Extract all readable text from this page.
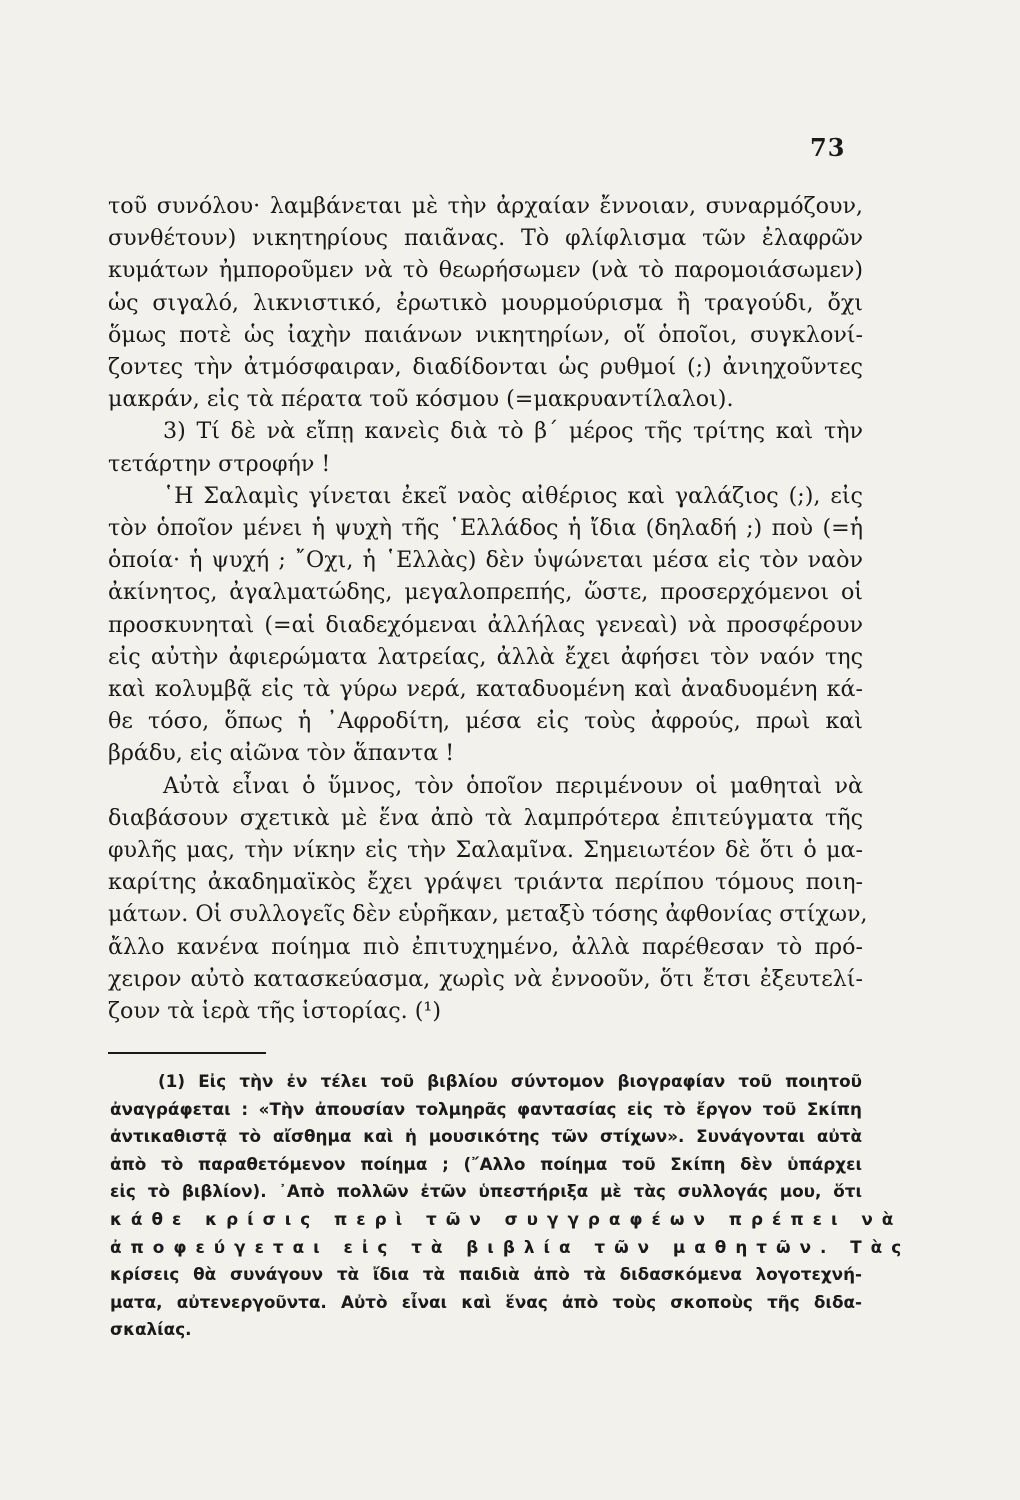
73
τοῦ συνόλου· λαμβάνεται μὲ τὴν ἀρχαίαν ἔννοιαν, συναρμόζουν,
συνθέτουν) νικητηρίους παιᾶνας. Τὸ φλίφλισμα τῶν ἐλαφρῶν
κυμάτων ἠμποροῦμεν νὰ τὸ θεωρήσωμεν (νὰ τὸ παρομοιάσωμεν)
ὡς σιγαλό, λικνιστικό, ἐρωτικὸ μουρμούρισμα ἢ τραγούδι, ὄχι
ὅμως ποτὲ ὡς ἰαχὴν παιάνων νικητηρίων, οἵ ὁποῖοι, συγκλονί-
ζοντες τὴν ἀτμόσφαιραν, διαδίδονται ὡς ρυθμοί (;) ἀνιηχοῦντες
μακράν, εἰς τὰ πέρατα τοῦ κόσμου (=μακρυαντίλαλοι).
3) Τί δὲ νὰ εἴπῃ κανεὶς διὰ τὸ β΄ μέρος τῆς τρίτης καὶ τὴν
τετάρτην στροφήν !
῾Η Σαλαμὶς γίνεται ἐκεῖ ναὸς αἰθέριος καὶ γαλάζιος (;), εἰς
τὸν ὁποῖον μένει ἡ ψυχὴ τῆς ῾Ελλάδος ἡ ἴδια (δηλαδή ;) ποὺ (=ἡ
ὁποία· ἡ ψυχή ; ῎Οχι, ἡ ῾Ελλὰς) δὲν ὑψώνεται μέσα εἰς τὸν ναὸν
ἀκίνητος, ἀγαλματώδης, μεγαλοπρεπής, ὥστε, προσερχόμενοι οἱ
προσκυνηταὶ (=αἱ διαδεχόμεναι ἀλλήλας γενεαὶ) νὰ προσφέρουν
εἰς αὐτὴν ἀφιερώματα λατρείας, ἀλλὰ ἔχει ἀφήσει τὸν ναόν της
καὶ κολυμβᾷ εἰς τὰ γύρω νερά, καταδυομένη καὶ ἀναδυομένη κά-
θε τόσο, ὅπως ἡ ᾿Αφροδίτη, μέσα εἰς τοὺς ἀφρούς, πρωὶ καὶ
βράδυ, εἰς αἰῶνα τὸν ἅπαντα !
Αὐτὰ εἶναι ὁ ὕμνος, τὸν ὁποῖον περιμένουν οἱ μαθηταὶ νὰ
διαβάσουν σχετικὰ μὲ ἕνα ἀπὸ τὰ λαμπρότερα ἐπιτεύγματα τῆς
φυλῆς μας, τὴν νίκην εἰς τὴν Σαλαμῖνα. Σημειωτέον δὲ ὅτι ὁ μα-
καρίτης ἀκαδημαϊκὸς ἔχει γράψει τριάντα περίπου τόμους ποιη-
μάτων. Οἱ συλλογεῖς δὲν εὑρῆκαν, μεταξὺ τόσης ἀφθονίας στίχων,
ἄλλο κανένα ποίημα πιὸ ἐπιτυχημένο, ἀλλὰ παρέθεσαν τὸ πρό-
χειρον αὐτὸ κατασκεύασμα, χωρὶς νὰ ἐννοοῦν, ὅτι ἔτσι ἐξευτελί-
ζουν τὰ ἱερὰ τῆς ἱστορίας. (¹)
(1) Εἰς τὴν ἐν τέλει τοῦ βιβλίου σύντομον βιογραφίαν τοῦ ποιητοῦ
ἀναγράφεται : «Τὴν ἀπουσίαν τολμηρᾶς φαντασίας εἰς τὸ ἔργον τοῦ Σκίπη
ἀντικαθιστᾷ τὸ αἴσθημα καὶ ἡ μουσικότης τῶν στίχων». Συνάγονται αὐτὰ
ἀπὸ τὸ παραθετόμενον ποίημα ; (῎Αλλο ποίημα τοῦ Σκίπη δὲν ὑπάρχει
εἰς τὸ βιβλίον). ᾿Απὸ πολλῶν ἐτῶν ὑπεστήριξα μὲ τὰς συλλογάς μου, ὅτι
κάθε κρίσις περὶ τῶν συγγραφέων πρέπει νὰ
ἀποφεύγεται εἰς τὰ βιβλία τῶν μαθητῶν. Τὰς
κρίσεις θὰ συνάγουν τὰ ἴδια τὰ παιδιὰ ἀπὸ τὰ διδασκόμενα λογοτεχνή-
ματα, αὐτενεργοῦντα. Αὐτὸ εἶναι καὶ ἕνας ἀπὸ τοὺς σκοποὺς τῆς διδα-
σκαλίας.
